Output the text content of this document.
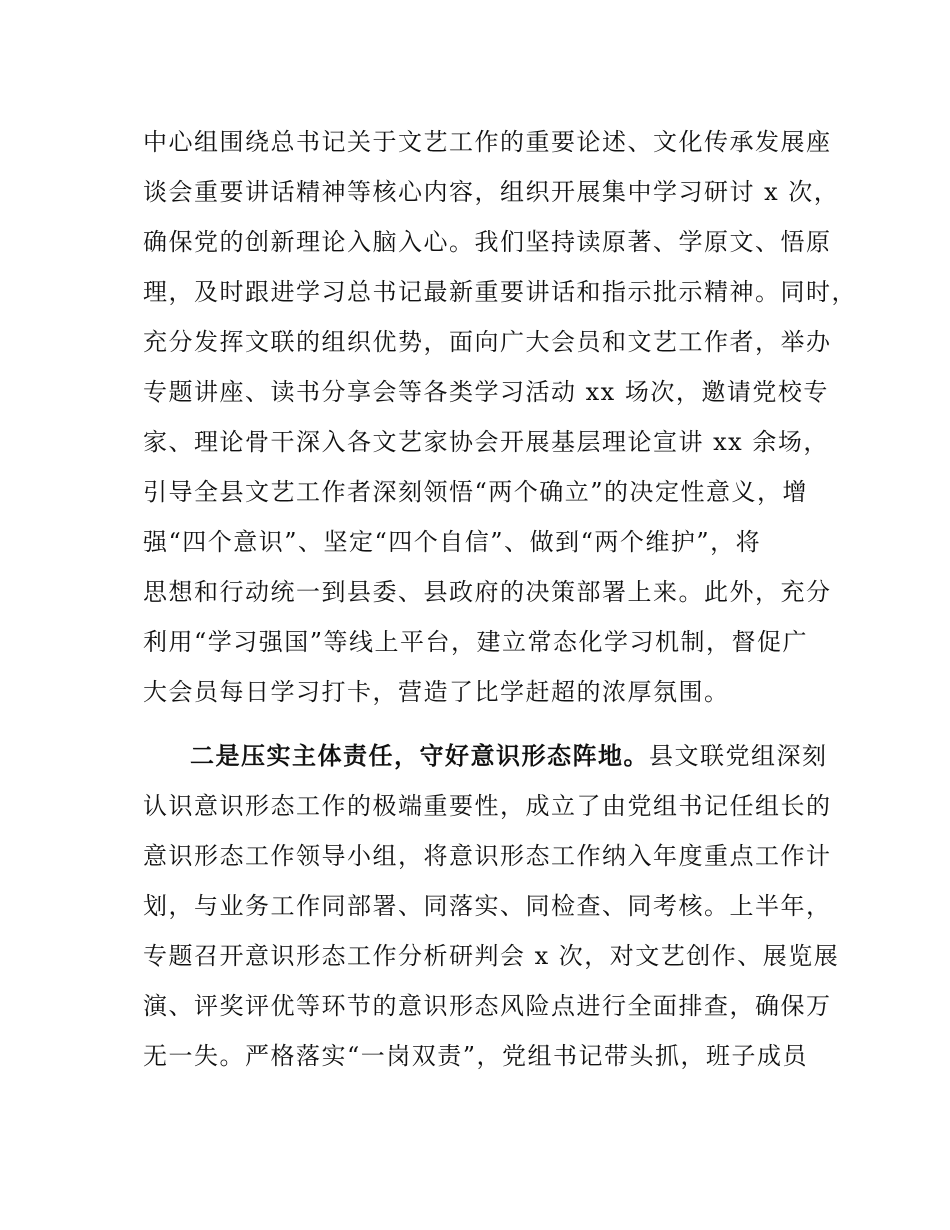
中心组围绕总书记关于文艺工作的重要论述、文化传承发展座
谈会重要讲话精神等核心内容，组织开展集中学习研讨 x 次，
确保党的创新理论入脑入心。我们坚持读原著、学原文、悟原
理，及时跟进学习总书记最新重要讲话和指示批示精神。同时，
充分发挥文联的组织优势，面向广大会员和文艺工作者，举办
专题讲座、读书分享会等各类学习活动 xx 场次，邀请党校专
家、理论骨干深入各文艺家协会开展基层理论宣讲 xx 余场，
引导全县文艺工作者深刻领悟“两个确立”的决定性意义，增
强“四个意识”、坚定“四个自信”、做到“两个维护”，将
思想和行动统一到县委、县政府的决策部署上来。此外，充分
利用“学习强国”等线上平台，建立常态化学习机制，督促广
大会员每日学习打卡，营造了比学赶超的浓厚氛围。
二是压实主体责任，守好意识形态阵地。县文联党组深刻
认识意识形态工作的极端重要性，成立了由党组书记任组长的
意识形态工作领导小组，将意识形态工作纳入年度重点工作计
划，与业务工作同部署、同落实、同检查、同考核。上半年，
专题召开意识形态工作分析研判会 x 次，对文艺创作、展览展
演、评奖评优等环节的意识形态风险点进行全面排查，确保万
无一失。严格落实“一岗双责”，党组书记带头抓，班子成员
